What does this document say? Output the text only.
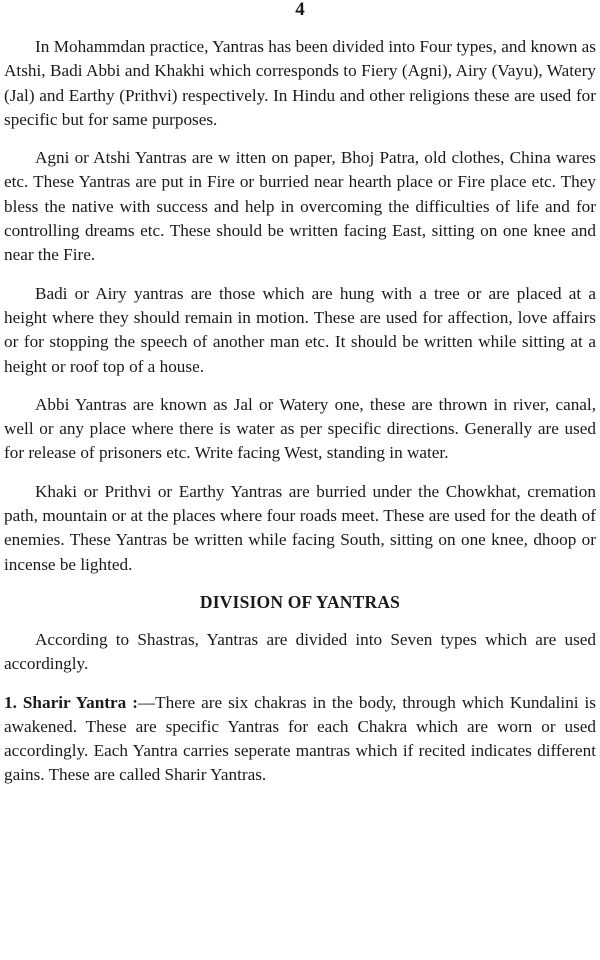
4

In Mohammdan practice, Yantras has been divided into Four types, and known as Atshi, Badi Abbi and Khakhi which corresponds to Fiery (Agni), Airy (Vayu), Watery (Jal) and Earthy (Prithvi) respectively. In Hindu and other religions these are used for specific but for same purposes.

Agni or Atshi Yantras are w itten on paper, Bhoj Patra, old clothes, China wares etc. These Yantras are put in Fire or burried near hearth place or Fire place etc. They bless the native with success and help in overcoming the difficulties of life and for controlling dreams etc. These should be written facing East, sitting on one knee and near the Fire.

Badi or Airy yantras are those which are hung with a tree or are placed at a height where they should remain in motion. These are used for affection, love affairs or for stopping the speech of another man etc. It should be written while sitting at a height or roof top of a house.

Abbi Yantras are known as Jal or Watery one, these are thrown in river, canal, well or any place where there is water as per specific directions. Generally are used for release of prisoners etc. Write facing West, standing in water.

Khaki or Prithvi or Earthy Yantras are burried under the Chowkhat, cremation path, mountain or at the places where four roads meet. These are used for the death of enemies. These Yantras be written while facing South, sitting on one knee, dhoop or incense be lighted.

DIVISION OF YANTRAS

According to Shastras, Yantras are divided into Seven types which are used accordingly.

1. Sharir Yantra :—There are six chakras in the body, through which Kundalini is awakened. These are specific Yantras for each Chakra which are worn or used accordingly. Each Yantra carries seperate mantras which if recited indicates different gains. These are called Sharir Yantras.
